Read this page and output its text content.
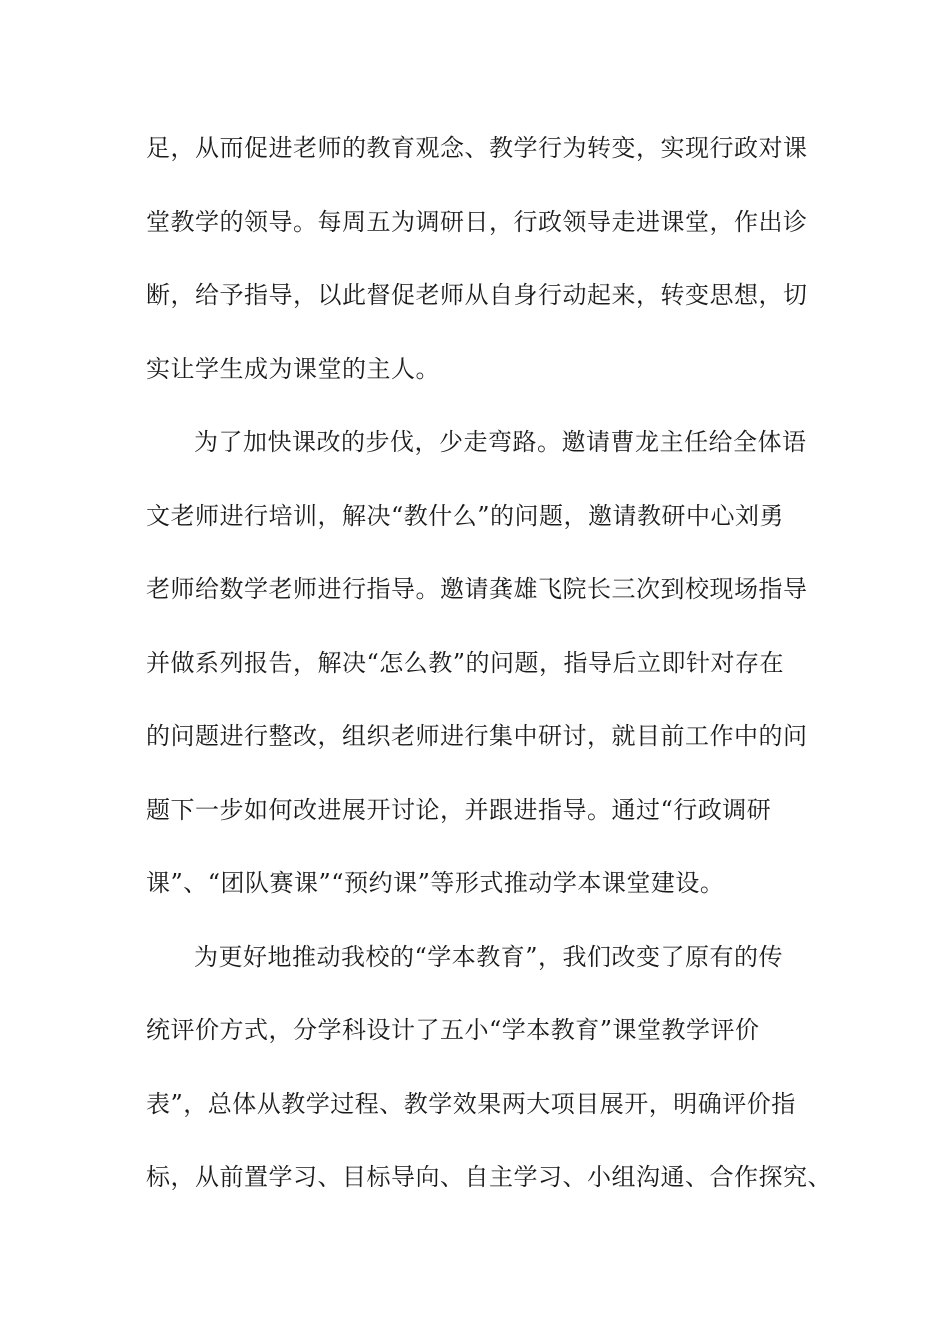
足，从而促进老师的教育观念、教学行为转变，实现行政对课
堂教学的领导。每周五为调研日，行政领导走进课堂，作出诊
断，给予指导，以此督促老师从自身行动起来，转变思想，切
实让学生成为课堂的主人。
为了加快课改的步伐，少走弯路。邀请曹龙主任给全体语
文老师进行培训，解决“教什么”的问题，邀请教研中心刘勇
老师给数学老师进行指导。邀请龚雄飞院长三次到校现场指导
并做系列报告，解决“怎么教”的问题，指导后立即针对存在
的问题进行整改，组织老师进行集中研讨，就目前工作中的问
题下一步如何改进展开讨论，并跟进指导。通过“行政调研
课”、“团队赛课”“预约课”等形式推动学本课堂建设。
为更好地推动我校的“学本教育”，我们改变了原有的传
统评价方式，分学科设计了五小“学本教育”课堂教学评价
表”，总体从教学过程、教学效果两大项目展开，明确评价指
标，从前置学习、目标导向、自主学习、小组沟通、合作探究、
